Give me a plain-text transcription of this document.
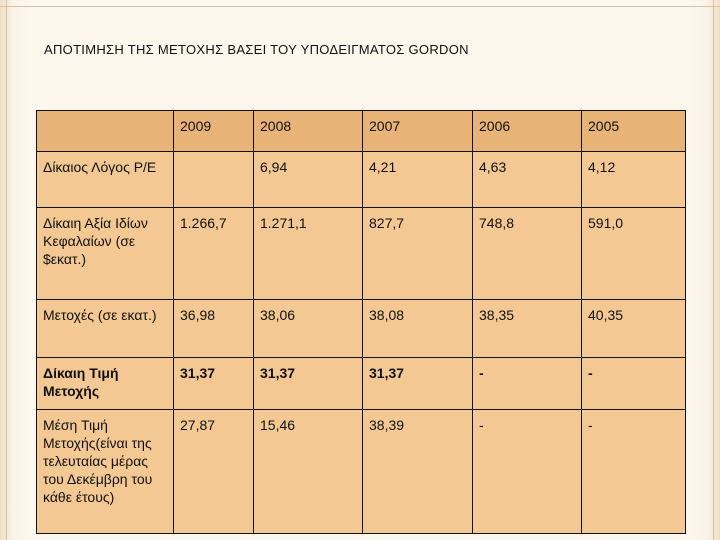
ΑΠΟΤΙΜΗΣΗ ΤΗΣ ΜΕΤΟΧΗΣ ΒΑΣΕΙ ΤΟΥ ΥΠΟΔΕΙΓΜΑΤΟΣ GORDON
	2009	2008	2007	2006	2005
Δίκαιος Λόγος P/E		6,94	4,21	4,63	4,12
Δίκαιη Αξία Ιδίων Κεφαλαίων (σε $εκατ.)	1.266,7	1.271,1	827,7	748,8	591,0
Μετοχές (σε εκατ.)	36,98	38,06	38,08	38,35	40,35
Δίκαιη Τιμή Μετοχής	31,37	31,37	31,37	-	-
Μέση Τιμή Μετοχής(είναι της τελευταίας μέρας του Δεκέμβρη του κάθε έτους)	27,87	15,46	38,39	-	-
